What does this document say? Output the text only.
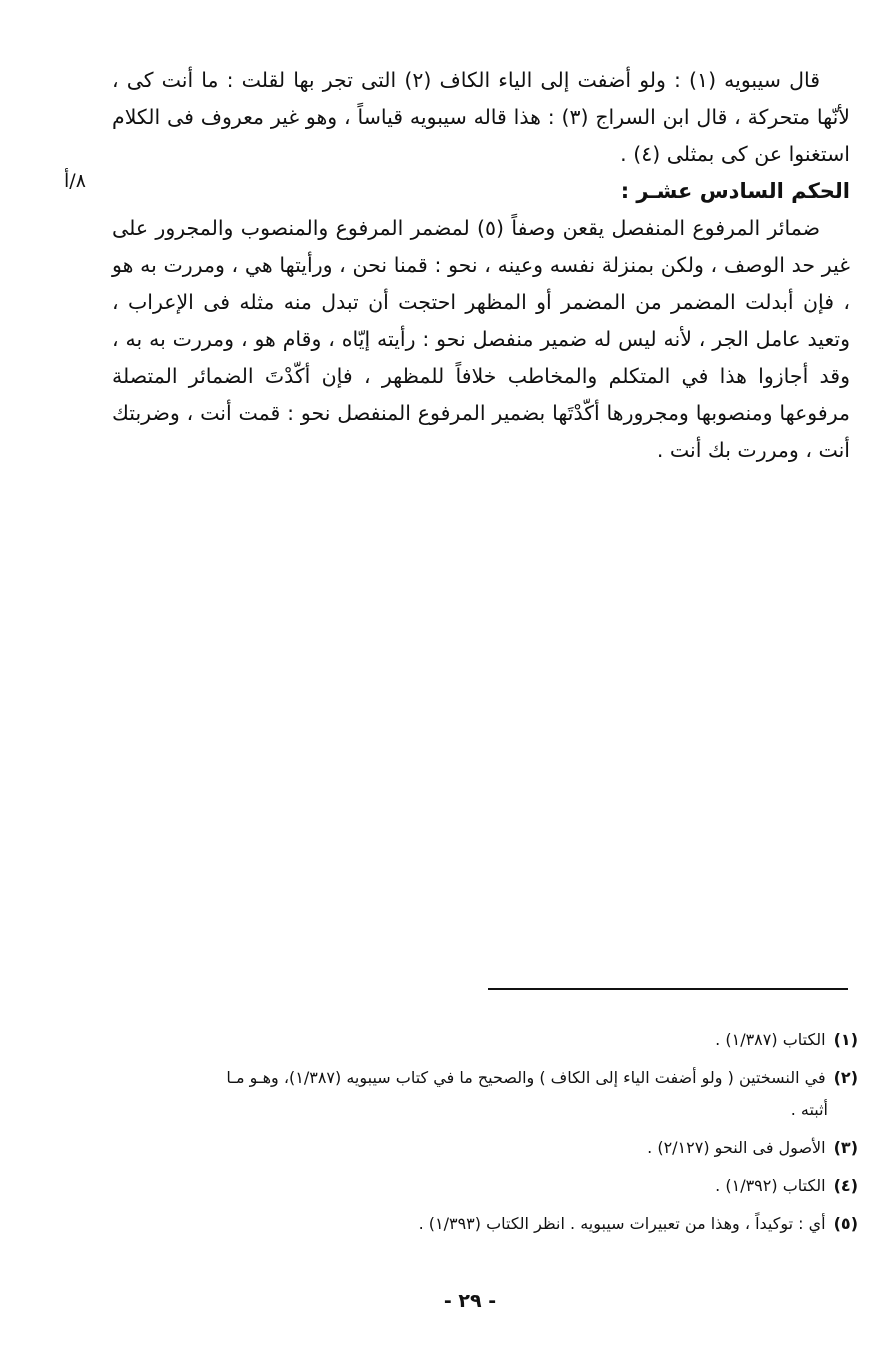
٨/أ

قال سيبويه (١) : ولو أضفت إلى الياء الكاف (٢) التى تجر بها لقلت : ما أنت كى ، لأنّها متحركة ، قال ابن السراج (٣) : هذا قاله سيبويه قياساً ، وهو غير معروف فى الكلام استغنوا عن كى بمثلى (٤) .

الحكم السادس عشـر :

ضمائر المرفوع المنفصل يقعن وصفاً (٥) لمضمر المرفوع والمنصوب والمجرور على غير حد الوصف ، ولكن بمنزلة نفسه وعينه ، نحو : قمنا نحن ، ورأيتها هي ، ومررت به هو ، فإن أبدلت المضمر من المضمر أو المظهر احتجت أن تبدل منه مثله فى الإعراب ، وتعيد عامل الجر ، لأنه ليس له ضمير منفصل نحو : رأيته إيّاه ، وقام هو ، ومررت به به ، وقد أجازوا هذا في المتكلم والمخاطب خلافاً للمظهر ، فإن أكّدْتَ الضمائر المتصلة مرفوعها ومنصوبها ومجرورها أكّدْتَها بضمير المرفوع المنفصل نحو : قمت أنت ، وضربتك أنت ، ومررت بك أنت .

(١)الكتاب (١/٣٨٧) .

(٢)في النسختين ( ولو أضفت الياء إلى الكاف ) والصحيح ما في كتاب سيبويه (١/٣٨٧)، وهـو مـا
أثبته .

(٣)الأصول فى النحو (٢/١٢٧) .

(٤)الكتاب (١/٣٩٢) .

(٥)أي : توكيداً ، وهذا من تعبيرات سيبويه . انظر الكتاب (١/٣٩٣) .

- ٢٩ -
